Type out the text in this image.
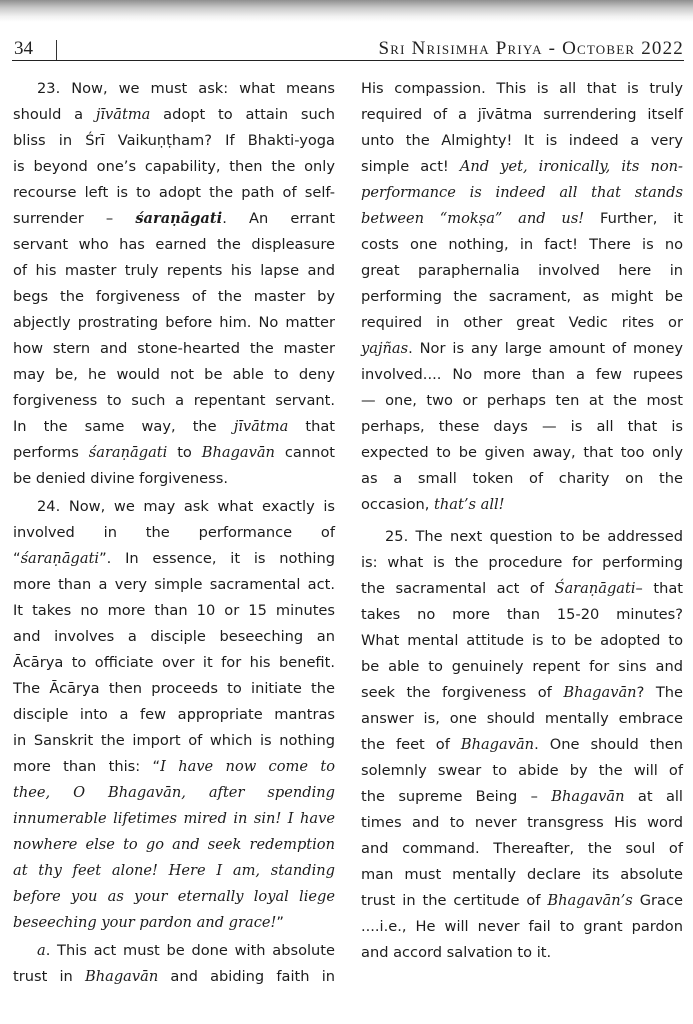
34	Sri Nrisimha Priya - October 2022
23. Now, we must ask: what means
should a jīvātma adopt to attain such
bliss in Śrī Vaikuṇṭham? If Bhakti-yoga
is beyond one’s capability, then the only
recourse left is to adopt the path of self-
surrender – śaraṇāgati. An errant
servant who has earned the displeasure
of his master truly repents his lapse and
begs the forgiveness of the master by
abjectly prostrating before him. No matter
how stern and stone-hearted the master
may be, he would not be able to deny
forgiveness to such a repentant servant.
In the same way, the jīvātma that
performs śaraṇāgati to Bhagavān cannot
be denied divine forgiveness.
24. Now, we may ask what exactly is
involved in the performance of
“śaraṇāgati”. In essence, it is nothing
more than a very simple sacramental act.
It takes no more than 10 or 15 minutes
and involves a disciple beseeching an
Ācārya to officiate over it for his benefit.
The Ācārya then proceeds to initiate the
disciple into a few appropriate mantras
in Sanskrit the import of which is nothing
more than this: “I have now come to
thee, O Bhagavān, after spending
innumerable lifetimes mired in sin! I have
nowhere else to go and seek redemption
at thy feet alone! Here I am, standing
before you as your eternally loyal liege
beseeching your pardon and grace!”
a. This act must be done with absolute
trust in Bhagavān and abiding faith in
His compassion. This is all that is truly
required of a jīvātma surrendering itself
unto the Almighty! It is indeed a very
simple act! And yet, ironically, its non-
performance is indeed all that stands
between “mokṣa” and us! Further, it
costs one nothing, in fact! There is no
great paraphernalia involved here in
performing the sacrament, as might be
required in other great Vedic rites or
yajñas. Nor is any large amount of money
involved.... No more than a few rupees
— one, two or perhaps ten at the most
perhaps, these days — is all that is
expected to be given away, that too only
as a small token of charity on the
occasion, that’s all!
25. The next question to be addressed
is: what is the procedure for performing
the sacramental act of Śaraṇāgati– that
takes no more than 15-20 minutes?
What mental attitude is to be adopted to
be able to genuinely repent for sins and
seek the forgiveness of Bhagavān? The
answer is, one should mentally embrace
the feet of Bhagavān. One should then
solemnly swear to abide by the will of
the supreme Being – Bhagavān at all
times and to never transgress His word
and command. Thereafter, the soul of
man must mentally declare its absolute
trust in the certitude of Bhagavān’s Grace
....i.e., He will never fail to grant pardon
and accord salvation to it.
